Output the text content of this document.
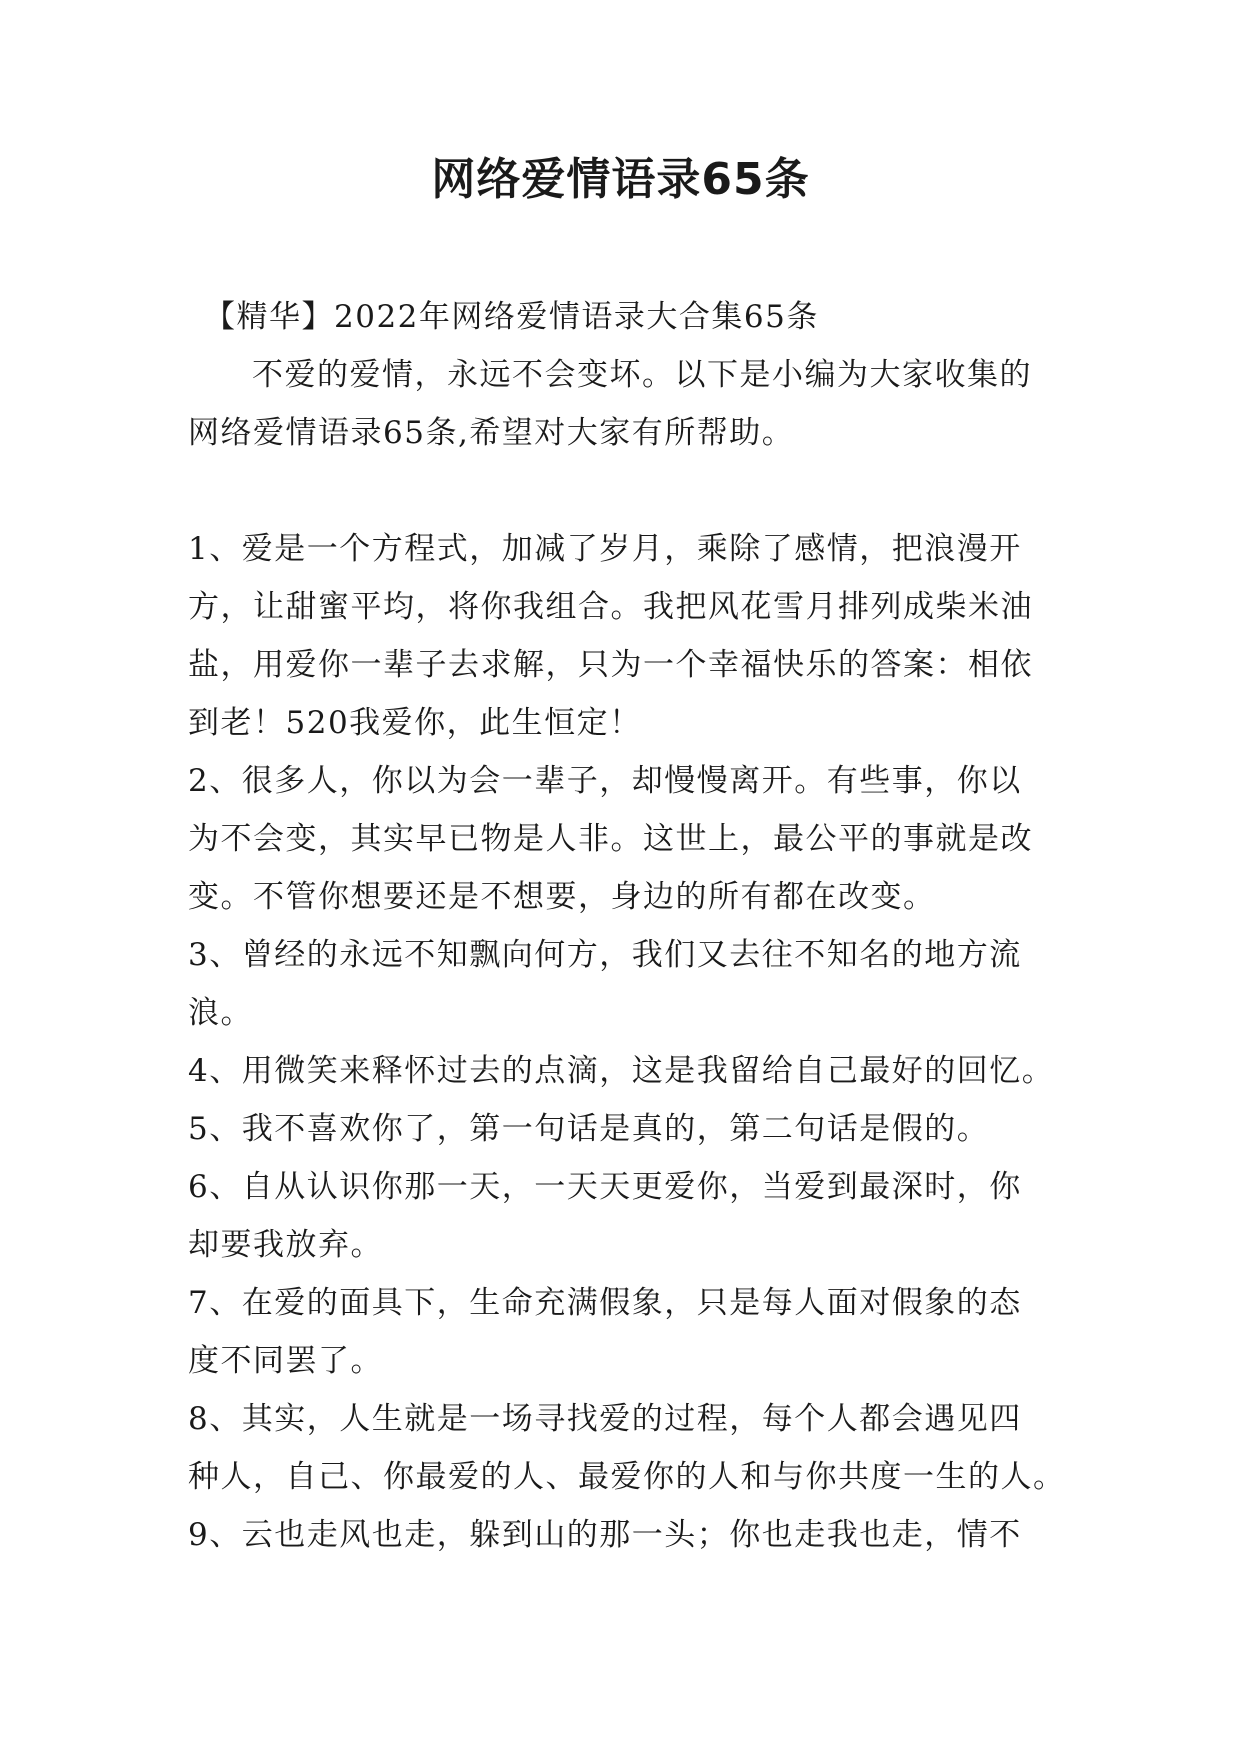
网络爱情语录65条
【精华】2022年网络爱情语录大合集65条
不爱的爱情，永远不会变坏。以下是小编为大家收集的
网络爱情语录65条,希望对大家有所帮助。
1、爱是一个方程式，加减了岁月，乘除了感情，把浪漫开
方，让甜蜜平均，将你我组合。我把风花雪月排列成柴米油
盐，用爱你一辈子去求解，只为一个幸福快乐的答案：相依
到老！520我爱你，此生恒定！
2、很多人，你以为会一辈子，却慢慢离开。有些事，你以
为不会变，其实早已物是人非。这世上，最公平的事就是改
变。不管你想要还是不想要，身边的所有都在改变。
3、曾经的永远不知飘向何方，我们又去往不知名的地方流
浪。
4、用微笑来释怀过去的点滴，这是我留给自己最好的回忆。
5、我不喜欢你了，第一句话是真的，第二句话是假的。
6、自从认识你那一天，一天天更爱你，当爱到最深时，你
却要我放弃。
7、在爱的面具下，生命充满假象，只是每人面对假象的态
度不同罢了。
8、其实，人生就是一场寻找爱的过程，每个人都会遇见四
种人，自己、你最爱的人、最爱你的人和与你共度一生的人。
9、云也走风也走，躲到山的那一头；你也走我也走，情不
